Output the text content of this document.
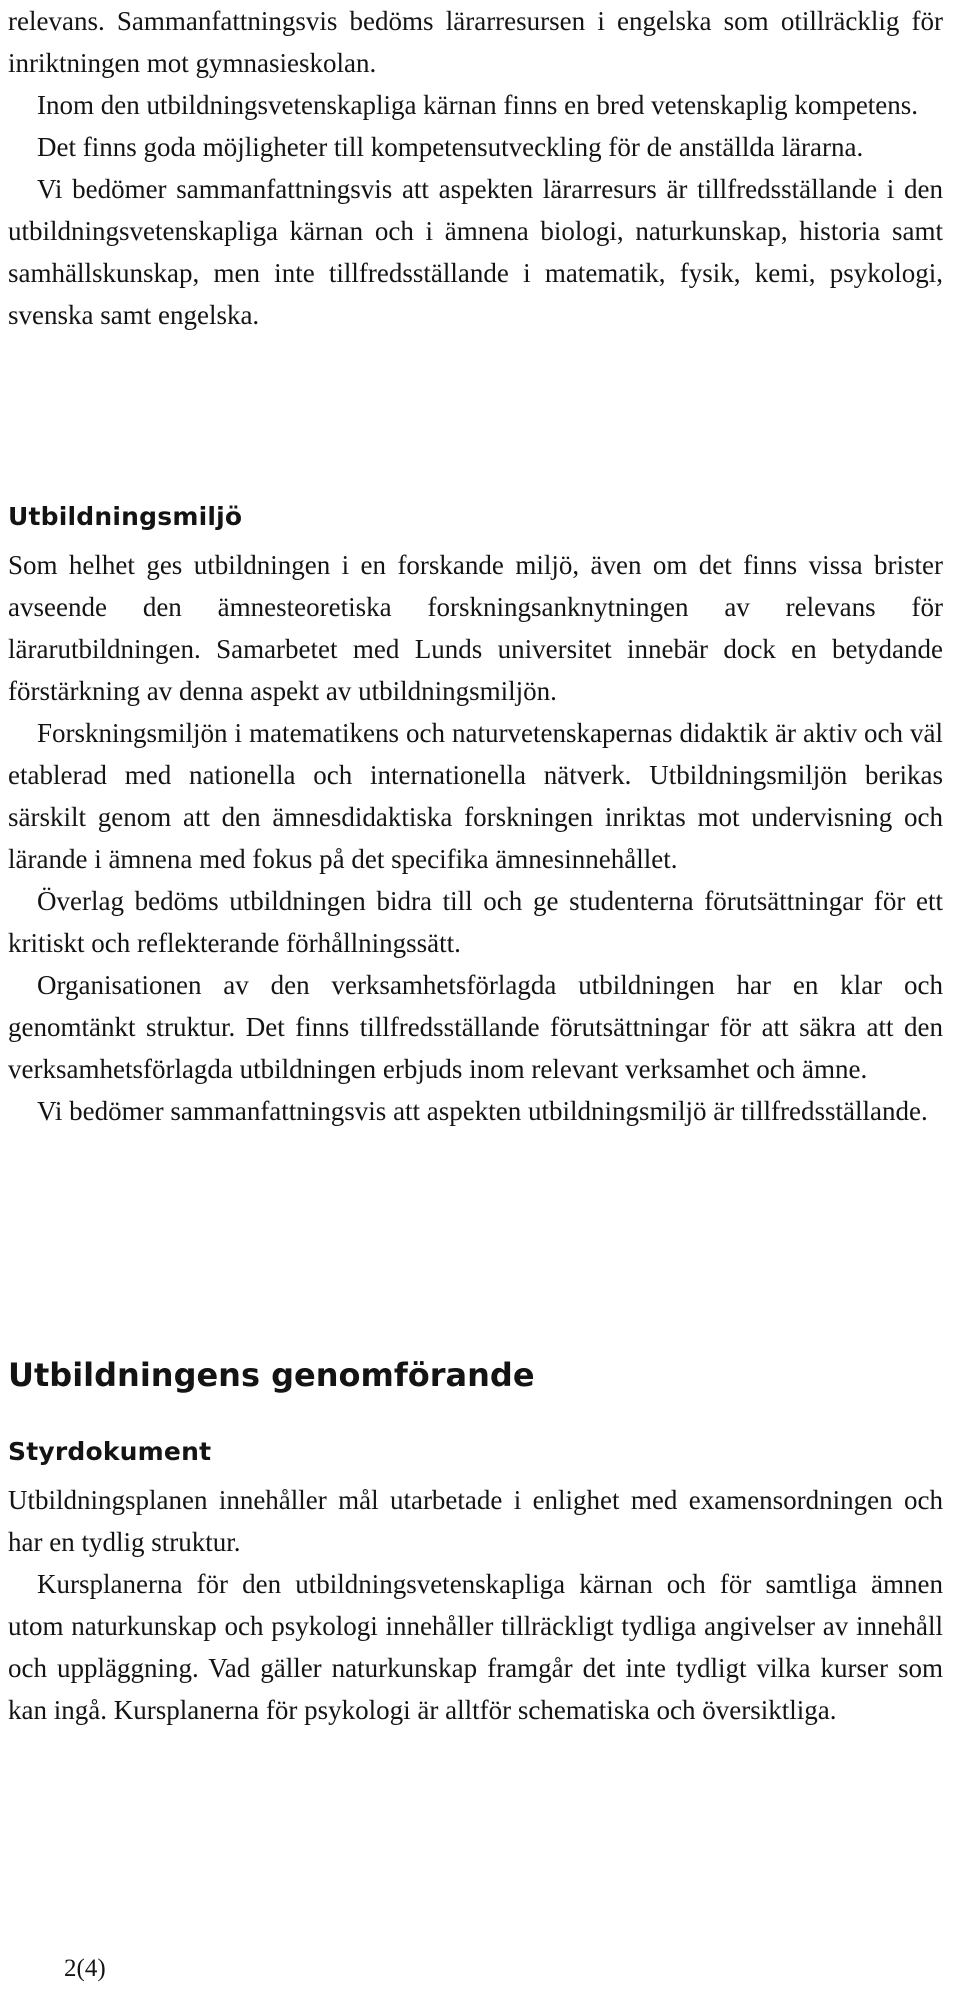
relevans. Sammanfattningsvis bedöms lärarresursen i engelska som otillräcklig för inriktningen mot gymnasieskolan.

Inom den utbildningsvetenskapliga kärnan finns en bred vetenskaplig kompetens.

Det finns goda möjligheter till kompetensutveckling för de anställda lärarna.

Vi bedömer sammanfattningsvis att aspekten lärarresurs är tillfredsställande i den utbildningsvetenskapliga kärnan och i ämnena biologi, naturkunskap, historia samt samhällskunskap, men inte tillfredsställande i matematik, fysik, kemi, psykologi, svenska samt engelska.

Utbildningsmiljö

Som helhet ges utbildningen i en forskande miljö, även om det finns vissa brister avseende den ämnesteoretiska forskningsanknytningen av relevans för lärarutbildningen. Samarbetet med Lunds universitet innebär dock en betydande förstärkning av denna aspekt av utbildningsmiljön.

Forskningsmiljön i matematikens och naturvetenskapernas didaktik är aktiv och väl etablerad med nationella och internationella nätverk. Utbildningsmiljön berikas särskilt genom att den ämnesdidaktiska forskningen inriktas mot undervisning och lärande i ämnena med fokus på det specifika ämnesinnehållet.

Överlag bedöms utbildningen bidra till och ge studenterna förutsättningar för ett kritiskt och reflekterande förhållningssätt.

Organisationen av den verksamhetsförlagda utbildningen har en klar och genomtänkt struktur. Det finns tillfredsställande förutsättningar för att säkra att den verksamhetsförlagda utbildningen erbjuds inom relevant verksamhet och ämne.

Vi bedömer sammanfattningsvis att aspekten utbildningsmiljö är tillfredsställande.

Utbildningens genomförande
Styrdokument

Utbildningsplanen innehåller mål utarbetade i enlighet med examensordningen och har en tydlig struktur.

Kursplanerna för den utbildningsvetenskapliga kärnan och för samtliga ämnen utom naturkunskap och psykologi innehåller tillräckligt tydliga angivelser av innehåll och uppläggning. Vad gäller naturkunskap framgår det inte tydligt vilka kurser som kan ingå. Kursplanerna för psykologi är alltför schematiska och översiktliga.

2(4)
